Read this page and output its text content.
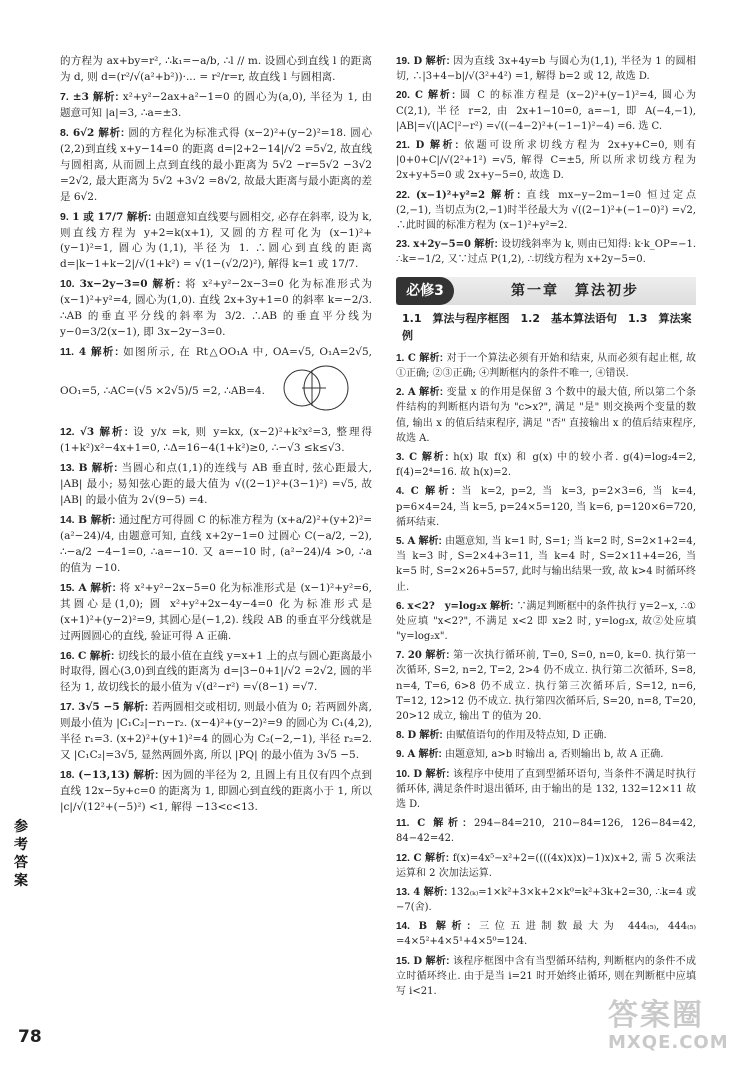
的方程为 ax+by=r², ∴k₁=−a/b, ∴l // m. 设圆心到直线 l 的距离为 d, 则 d=(r²/√(a²+b²))·... = r²/r=r, 故直线 l 与圆相离.
7. ±3 解析: x²+y²−2ax+a²−1=0 的圆心为(a,0), 半径为 1, 由题意可知 |a|=3, ∴a=±3.
8. 6√2 解析: 圆的方程化为标准式得 (x−2)²+(y−2)²=18. 圆心(2,2)到直线 x+y−14=0 的距离 d=|2+2−14|/√2 =5√2, 故直线与圆相离, 从而圆上点到直线的最小距离为 5√2 −r=5√2 −3√2 =2√2, 最大距离为 5√2 +3√2 =8√2, 故最大距离与最小距离的差是 6√2.
9. 1 或 17/7 解析: 由题意知直线要与圆相交, 必存在斜率, 设为 k, 则直线方程为 y+2=k(x+1), 又圆的方程可化为 (x−1)²+(y−1)²=1, 圆心为(1,1), 半径为 1. ∴圆心到直线的距离 d=|k−1+k−2|/√(1+k²) = √(1−(√2/2)²), 解得 k=1 或 17/7.
10. 3x−2y−3=0 解析: 将 x²+y²−2x−3=0 化为标准形式为 (x−1)²+y²=4, 圆心为(1,0). 直线 2x+3y+1=0 的斜率 k=−2/3. ∴AB 的垂直平分线的斜率为 3/2. ∴AB 的垂直平分线为 y−0=3/2(x−1), 即 3x−2y−3=0.
11. 4 解析: 如图所示, 在 Rt△OO₁A 中, OA=√5, O₁A=2√5, OO₁=5, ∴AC=(√5 ×2√5)/5 =2, ∴AB=4.
12. √3 解析: 设 y/x =k, 则 y=kx, (x−2)²+k²x²=3, 整理得 (1+k²)x²−4x+1=0, ∴Δ=16−4(1+k²)≥0, ∴−√3 ≤k≤√3.
13. B 解析: 当圆心和点(1,1)的连线与 AB 垂直时, 弦心距最大, |AB| 最小; 易知弦心距的最大值为 √((2−1)²+(3−1)²) =√5, 故 |AB| 的最小值为 2√(9−5) =4.
14. B 解析: 通过配方可得圆 C 的标准方程为 (x+a/2)²+(y+2)²=(a²−24)/4, 由题意可知, 直线 x+2y−1=0 过圆心 C(−a/2, −2), ∴−a/2 −4−1=0, ∴a=−10. 又 a=−10 时, (a²−24)/4 >0, ∴a 的值为 −10.
15. A 解析: 将 x²+y²−2x−5=0 化为标准形式是 (x−1)²+y²=6, 其圆心是(1,0); 圆 x²+y²+2x−4y−4=0 化为标准形式是 (x+1)²+(y−2)²=9, 其圆心是(−1,2). 线段 AB 的垂直平分线就是过两圆圆心的直线, 验证可得 A 正确.
16. C 解析: 切线长的最小值在直线 y=x+1 上的点与圆心距离最小时取得, 圆心(3,0)到直线的距离为 d=|3−0+1|/√2 =2√2, 圆的半径为 1, 故切线长的最小值为 √(d²−r²) =√(8−1) =√7.
17. 3√5 −5 解析: 若两圆相交或相切, 则最小值为 0; 若两圆外离, 则最小值为 |C₁C₂|−r₁−r₂. (x−4)²+(y−2)²=9 的圆心为 C₁(4,2), 半径 r₁=3. (x+2)²+(y+1)²=4 的圆心为 C₂(−2,−1), 半径 r₂=2. 又 |C₁C₂|=3√5, 显然两圆外离, 所以 |PQ| 的最小值为 3√5 −5.
18. (−13,13) 解析: 因为圆的半径为 2, 且圆上有且仅有四个点到直线 12x−5y+c=0 的距离为 1, 即圆心到直线的距离小于 1, 所以 |c|/√(12²+(−5)²) <1, 解得 −13<c<13.
19. D 解析: 因为直线 3x+4y=b 与圆心为(1,1), 半径为 1 的圆相切, ∴|3+4−b|/√(3²+4²) =1, 解得 b=2 或 12, 故选 D.
20. C 解析: 圆 C 的标准方程是 (x−2)²+(y−1)²=4, 圆心为 C(2,1), 半径 r=2, 由 2x+1−10=0, a=−1, 即 A(−4,−1), |AB|=√(|AC|²−r²) =√((−4−2)²+(−1−1)²−4) =6. 选 C.
21. D 解析: 依题可设所求切线方程为 2x+y+C=0, 则有 |0+0+C|/√(2²+1²) =√5, 解得 C=±5, 所以所求切线方程为 2x+y+5=0 或 2x+y−5=0, 故选 D.
22. (x−1)²+y²=2 解析: 直线 mx−y−2m−1=0 恒过定点(2,−1), 当切点为(2,−1)时半径最大为 √((2−1)²+(−1−0)²) =√2, ∴此时圆的标准方程为 (x−1)²+y²=2.
23. x+2y−5=0 解析: 设切线斜率为 k, 则由已知得: k·k_OP=−1. ∴k=−1/2, 又∵过点 P(1,2), ∴切线方程为 x+2y−5=0.
必修3	第一章　算法初步
1.1　算法与程序框图　1.2　基本算法语句　1.3　算法案例
1. C 解析: 对于一个算法必须有开始和结束, 从而必须有起止框, 故①正确; ②③正确; ④判断框内的条件不唯一, ④错误.
2. A 解析: 变量 x 的作用是保留 3 个数中的最大值, 所以第二个条件结构的判断框内语句为 "c>x?", 满足 "是" 则交换两个变量的数值, 输出 x 的值后结束程序, 满足 "否" 直接输出 x 的值后结束程序, 故选 A.
3. C 解析: h(x) 取 f(x) 和 g(x) 中的较小者. g(4)=log₂4=2, f(4)=2⁴=16. 故 h(x)=2.
4. C 解析: 当 k=2, p=2, 当 k=3, p=2×3=6, 当 k=4, p=6×4=24, 当 k=5, p=24×5=120, 当 k=6, p=120×6=720, 循环结束.
5. A 解析: 由题意知, 当 k=1 时, S=1; 当 k=2 时, S=2×1+2=4, 当 k=3 时, S=2×4+3=11, 当 k=4 时, S=2×11+4=26, 当 k=5 时, S=2×26+5=57, 此时与输出结果一致, 故 k>4 时循环终止.
6. x<2?　y=log₂x 解析: ∵满足判断框中的条件执行 y=2−x, ∴①处应填 "x<2?", 不满足 x<2 即 x≥2 时, y=log₂x, 故②处应填 "y=log₂x".
7. 20 解析: 第一次执行循环前, T=0, S=0, n=0, k=0. 执行第一次循环, S=2, n=2, T=2, 2>4 仍不成立. 执行第二次循环, S=8, n=4, T=6, 6>8 仍不成立. 执行第三次循环后, S=12, n=6, T=12, 12>12 仍不成立. 执行第四次循环后, S=20, n=8, T=20, 20>12 成立, 输出 T 的值为 20.
8. D 解析: 由赋值语句的作用及特点知, D 正确.
9. A 解析: 由题意知, a>b 时输出 a, 否则输出 b, 故 A 正确.
10. D 解析: 该程序中使用了直到型循环语句, 当条件不满足时执行循环体, 满足条件时退出循环, 由于输出的是 132, 132=12×11 故选 D.
11. C 解析: 294−84=210, 210−84=126, 126−84=42, 84−42=42.
12. C 解析: f(x)=4x⁵−x²+2=((((4x)x)x)−1)x)x+2, 需 5 次乘法运算和 2 次加法运算.
13. 4 解析: 132₍ₖ₎=1×k²+3×k+2×k⁰=k²+3k+2=30, ∴k=4 或 −7(舍).
14. B 解析: 三位五进制数最大为 444₍₅₎, 444₍₅₎=4×5²+4×5¹+4×5⁰=124.
15. D 解析: 该程序框图中含有当型循环结构, 判断框内的条件不成立时循环终止. 由于是当 i=21 时开始终止循环, 则在判断框中应填写 i<21.
参考答案
78
答案圈
MXQE.COM
